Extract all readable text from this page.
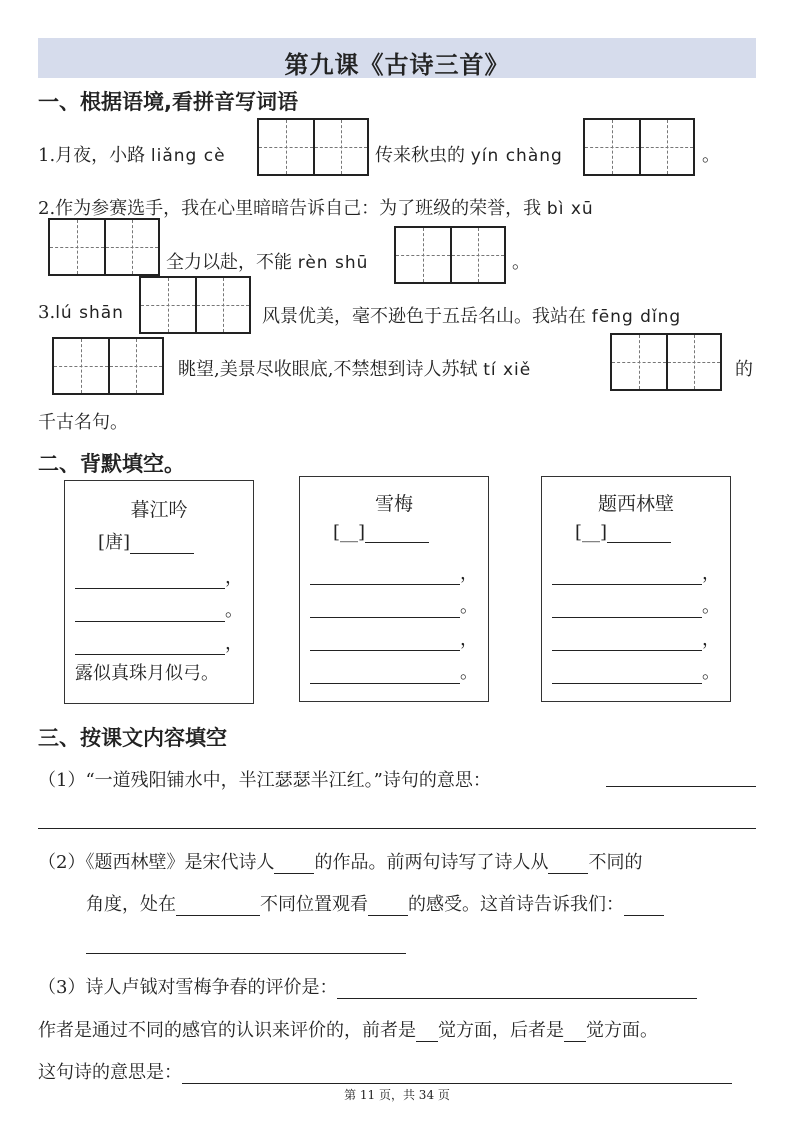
第九课《古诗三首》
一、根据语境,看拼音写词语
1.月夜，小路 liǎng cè	传来秋虫的 yín chàng	。
2.作为参赛选手，我在心里暗暗告诉自己：为了班级的荣誉，我 bì xū
全力以赴，不能 rèn shū	。
3.lú shān	风景优美，毫不逊色于五岳名山。我站在 fēng dǐng
眺望,美景尽收眼底,不禁想到诗人苏轼 tí xiě	的
千古名句。
二、背默填空。
暮江吟
[唐]
，
。
，
露似真珠月似弓。
雪梅
[__]
，
。
，
。
题西林壁
[__]
，
。
，
。
三、按课文内容填空
（1）“一道残阳铺水中，半江瑟瑟半江红。”诗句的意思：
（2）《题西林壁》是宋代诗人 的作品。前两句诗写了诗人从 不同的
角度，处在	不同位置观看 的感受。这首诗告诉我们：
（3）诗人卢钺对雪梅争春的评价是：
作者是通过不同的感官的认识来评价的，前者是 觉方面，后者是 觉方面。
这句诗的意思是：
第 11 页，共 34 页
